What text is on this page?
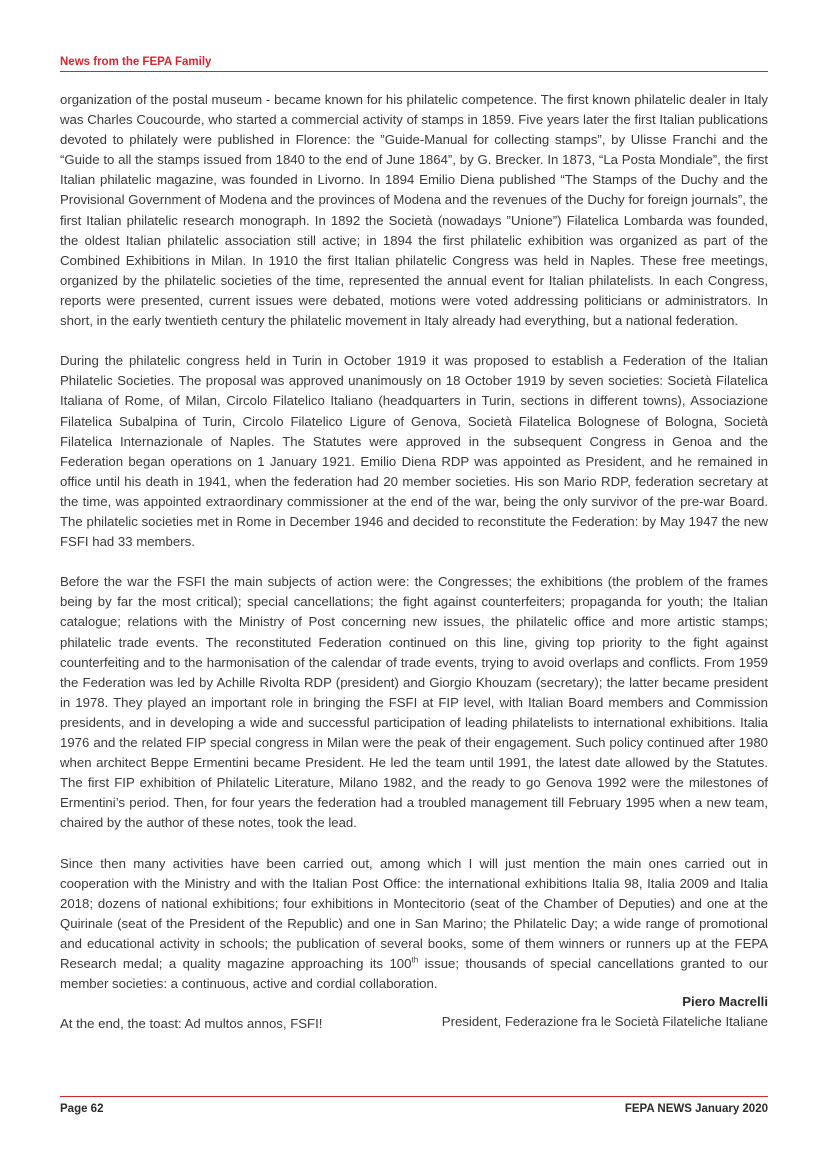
News from the FEPA Family

organization of the postal museum - became known for his philatelic competence. The first known philatelic dealer in Italy was Charles Coucourde, who started a commercial activity of stamps in 1859. Five years later the first Italian publications devoted to philately were published in Florence: the ”Guide-Manual for collecting stamps”, by Ulisse Franchi and the “Guide to all the stamps issued from 1840 to the end of June 1864”, by G. Brecker. In 1873, “La Posta Mondiale”, the first Italian philatelic magazine, was founded in Livorno. In 1894 Emilio Diena published “The Stamps of the Duchy and the Provisional Government of Modena and the provinces of Modena and the revenues of the Duchy for foreign journals”, the first Italian philatelic research monograph. In 1892 the Società (nowadays ”Unione”) Filatelica Lombarda was founded, the oldest Italian philatelic association still active; in 1894 the first philatelic exhibition was organized as part of the Combined Exhibitions in Milan. In 1910 the first Italian philatelic Congress was held in Naples. These free meetings, organized by the philatelic societies of the time, represented the annual event for Italian philatelists. In each Congress, reports were presented, current issues were debated, motions were voted addressing politicians or administrators. In short, in the early twentieth century the philatelic movement in Italy already had everything, but a national federation.

During the philatelic congress held in Turin in October 1919 it was proposed to establish a Federation of the Italian Philatelic Societies. The proposal was approved unanimously on 18 October 1919 by seven societies: Società Filatelica Italiana of Rome, of Milan, Circolo Filatelico Italiano (headquarters in Turin, sections in different towns), Associazione Filatelica Subalpina of Turin, Circolo Filatelico Ligure of Genova, Società Filatelica Bolognese of Bologna, Società Filatelica Internazionale of Naples. The Statutes were approved in the subsequent Congress in Genoa and the Federation began operations on 1 January 1921. Emilio Diena RDP was appointed as President, and he remained in office until his death in 1941, when the federation had 20 member societies. His son Mario RDP, federation secretary at the time, was appointed extraordinary commissioner at the end of the war, being the only survivor of the pre-war Board. The philatelic societies met in Rome in December 1946 and decided to reconstitute the Federation: by May 1947 the new FSFI had 33 members.

Before the war the FSFI the main subjects of action were: the Congresses; the exhibitions (the problem of the frames being by far the most critical); special cancellations; the fight against counterfeiters; propaganda for youth; the Italian catalogue; relations with the Ministry of Post concerning new issues, the philatelic office and more artistic stamps; philatelic trade events. The reconstituted Federation continued on this line, giving top priority to the fight against counterfeiting and to the harmonisation of the calendar of trade events, trying to avoid overlaps and conflicts. From 1959 the Federation was led by Achille Rivolta RDP (president) and Giorgio Khouzam (secretary); the latter became president in 1978. They played an important role in bringing the FSFI at FIP level, with Italian Board members and Commission presidents, and in developing a wide and successful participation of leading philatelists to international exhibitions. Italia 1976 and the related FIP special congress in Milan were the peak of their engagement. Such policy continued after 1980 when architect Beppe Ermentini became President. He led the team until 1991, the latest date allowed by the Statutes. The first FIP exhibition of Philatelic Literature, Milano 1982, and the ready to go Genova 1992 were the milestones of Ermentini’s period. Then, for four years the federation had a troubled management till February 1995 when a new team, chaired by the author of these notes, took the lead.

Since then many activities have been carried out, among which I will just mention the main ones carried out in cooperation with the Ministry and with the Italian Post Office: the international exhibitions Italia 98, Italia 2009 and Italia 2018; dozens of national exhibitions; four exhibitions in Montecitorio (seat of the Chamber of Deputies) and one at the Quirinale (seat of the President of the Republic) and one in San Marino; the Philatelic Day; a wide range of promotional and educational activity in schools; the publication of several books, some of them winners or runners up at the FEPA Research medal; a quality magazine approaching its 100th issue; thousands of special cancellations granted to our member societies: a continuous, active and cordial collaboration.

At the end, the toast: Ad multos annos, FSFI!

Piero Macrelli
President, Federazione fra le Società Filateliche Italiane
Page 62	FEPA NEWS January 2020
